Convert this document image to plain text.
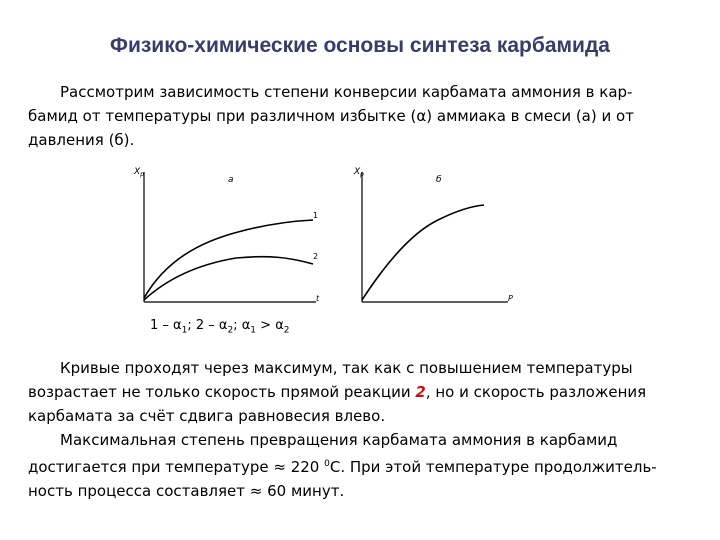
Физико-химические основы синтеза карбамида
Рассмотрим зависимость степени конверсии карбамата аммония в кар-
бамид от температуры при различном избытке (α) аммиака в смеси (а) и от
давления (б).
$X_p$
а
t
1
2
$X_p$
б
P
$1 - \alpha_1$; $2 - \alpha_2$; $\alpha_1 > \alpha_2$
Кривые проходят через максимум, так как с повышением температуры
возрастает не только скорость прямой реакции 2, но и скорость разложения
карбамата за счёт сдвига равновесия влево.
Максимальная степень превращения карбамата аммония в карбамид
достигается при температуре ≈ 220 $^0$С. При этой температуре продолжитель-
ность процесса составляет ≈ 60 минут.
